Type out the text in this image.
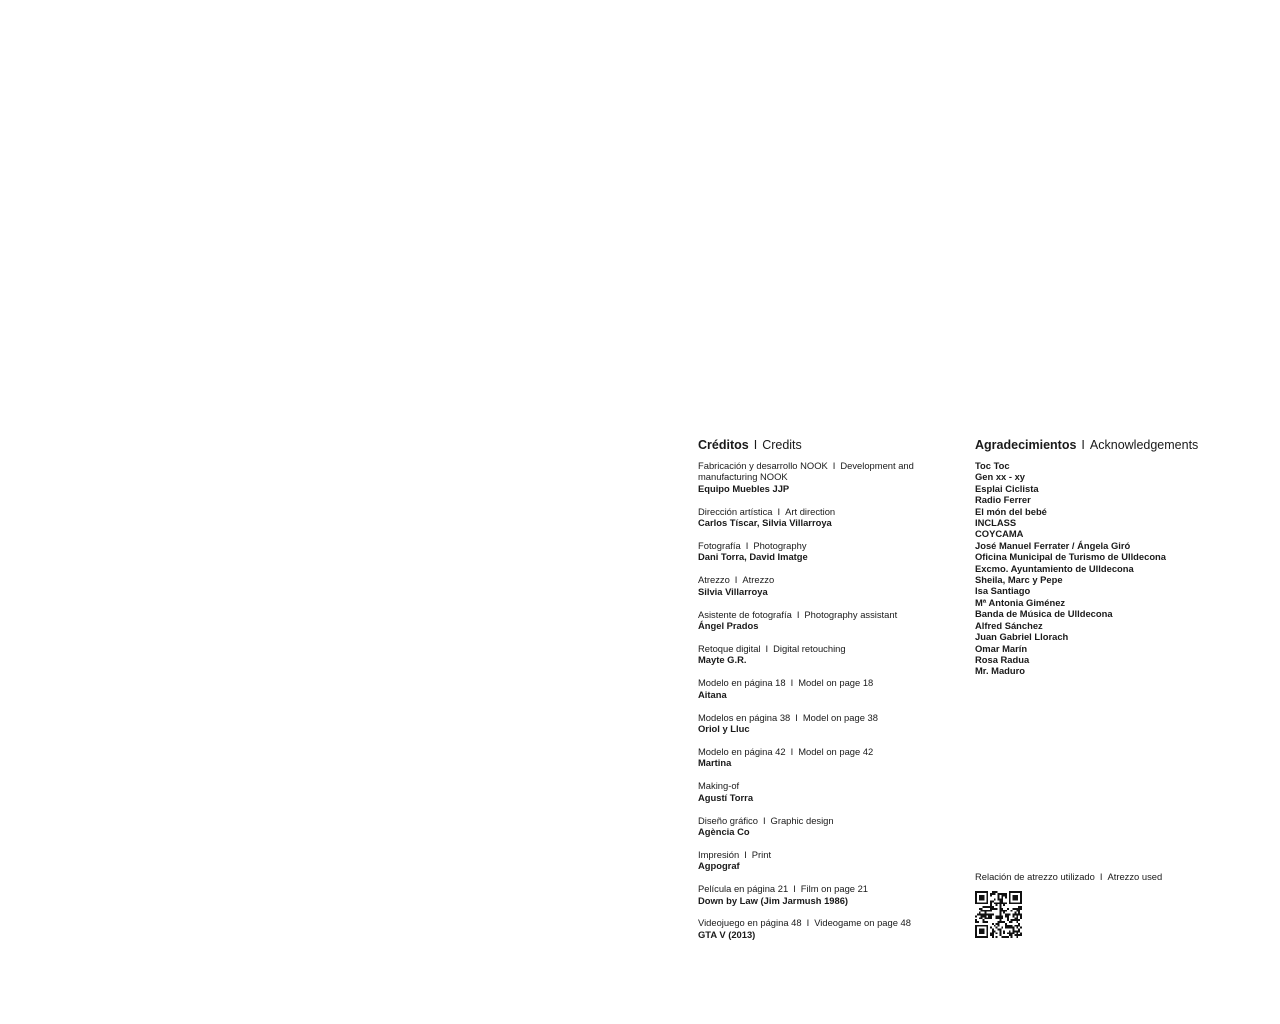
Créditos I Credits
Fabricación y desarrollo NOOK I Development and manufacturing NOOK
Equipo Muebles JJP
Dirección artística I Art direction
Carlos Tíscar, Silvia Villarroya
Fotografía I Photography
Dani Torra, David Imatge
Atrezzo I Atrezzo
Silvia Villarroya
Asistente de fotografía I Photography assistant
Ángel Prados
Retoque digital I Digital retouching
Mayte G.R.
Modelo en página 18 I Model on page 18
Aitana
Modelos en página 38 I Model on page 38
Oriol y Lluc
Modelo en página 42 I Model on page 42
Martina
Making-of
Agustí Torra
Diseño gráfico I Graphic design
Agència Co
Impresión I Print
Agpograf
Película en página 21 I Film on page 21
Down by Law (Jim Jarmush 1986)
Videojuego en página 48 I Videogame on page 48
GTA V (2013)
Agradecimientos I Acknowledgements
Toc Toc
Gen xx - xy
Esplai Ciclista
Radio Ferrer
El món del bebé
INCLASS
COYCAMA
José Manuel Ferrater / Ángela Giró
Oficina Municipal de Turismo de Ulldecona
Excmo. Ayuntamiento de Ulldecona
Sheila, Marc y Pepe
Isa Santiago
Mª Antonia Giménez
Banda de Música de Ulldecona
Alfred Sánchez
Juan Gabriel Llorach
Omar Marín
Rosa Radua
Mr. Maduro
Relación de atrezzo utilizado I Atrezzo used
